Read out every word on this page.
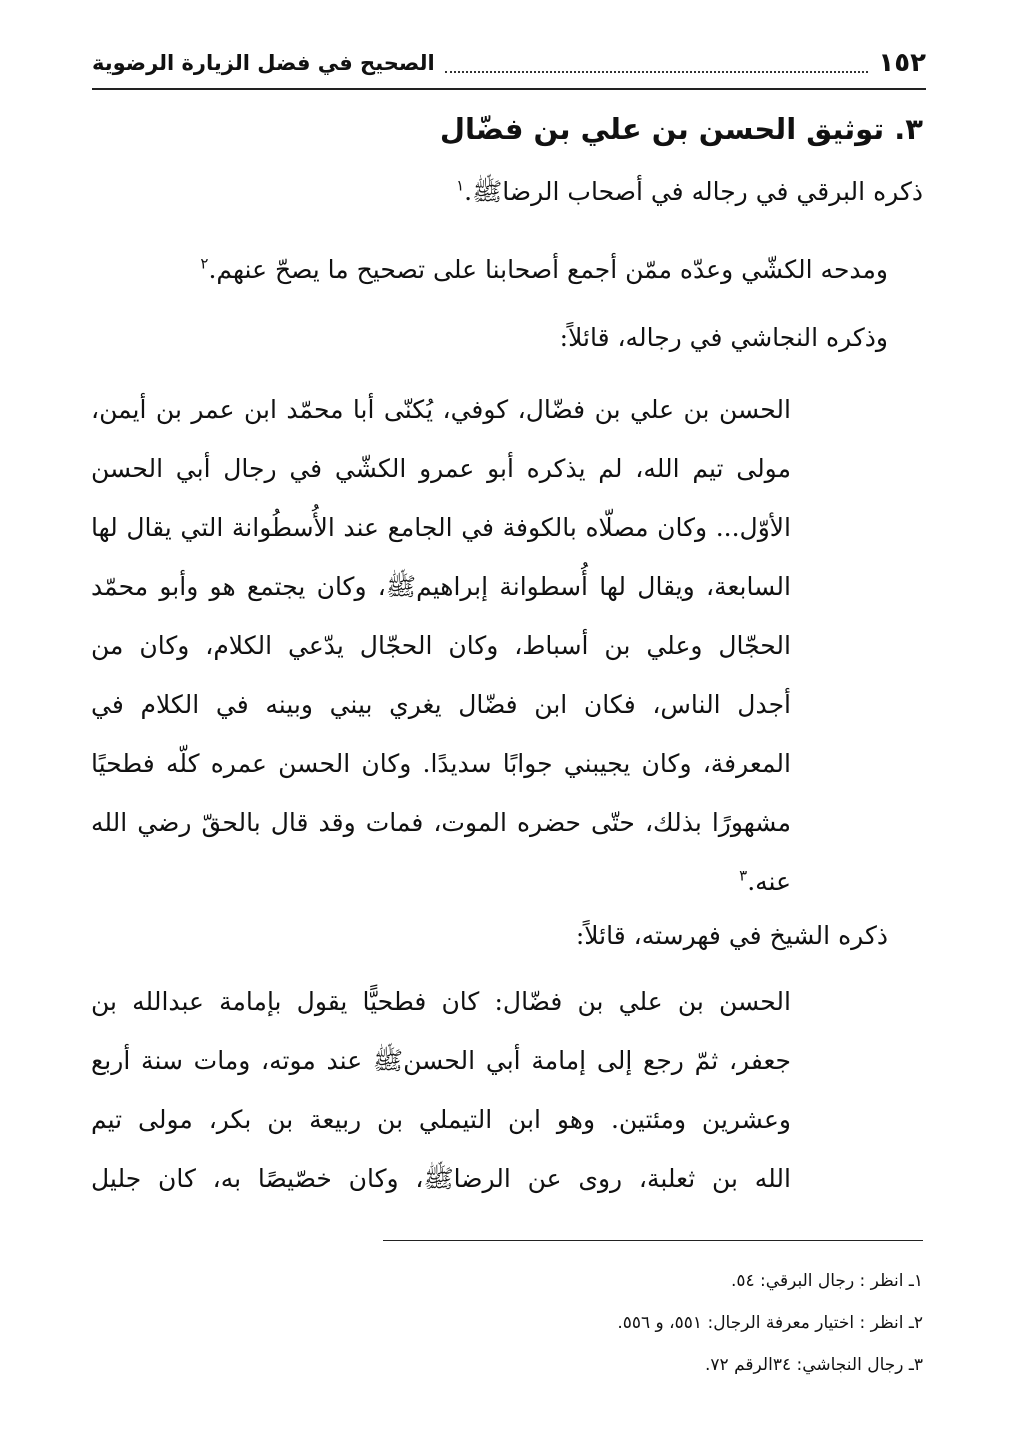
١٥٢
الصحيح في فضل الزيارة الرضوية
٣. توثيق الحسن بن علي بن فضّال
ذكره البرقي في رجاله في أصحاب الرضاﷺ.$^١$
ومدحه الكشّي وعدّه ممّن أجمع أصحابنا على تصحيح ما يصحّ عنهم.$^٢$
وذكره النجاشي في رجاله، قائلاً:
الحسن بن علي بن فضّال، كوفي، يُكنّى أبا محمّد ابن عمر بن أيمن،
مولى تيم الله، لم يذكره أبو عمرو الكشّي في رجال أبي الحسن
الأوّل... وكان مصلّاه بالكوفة في الجامع عند الأُسطُوانة التي يقال لها
السابعة، ويقال لها أُسطوانة إبراهيمﷺ، وكان يجتمع هو وأبو محمّد
الحجّال وعلي بن أسباط، وكان الحجّال يدّعي الكلام، وكان من
أجدل الناس، فكان ابن فضّال يغري بيني وبينه في الكلام في
المعرفة، وكان يجيبني جوابًا سديدًا. وكان الحسن عمره كلّه فطحيًا
مشهورًا بذلك، حتّى حضره الموت، فمات وقد قال بالحقّ رضي الله
عنه.$^٣$
ذكره الشيخ في فهرسته، قائلاً:
الحسن بن علي بن فضّال: كان فطحيًّا يقول بإمامة عبدالله بن
جعفر، ثمّ رجع إلى إمامة أبي الحسنﷺ عند موته، ومات سنة أربع
وعشرين ومئتين. وهو ابن التيملي بن ربيعة بن بكر، مولى تيم
الله بن ثعلبة، روى عن الرضاﷺ، وكان خصّيصًا به، كان جليل
١ـ انظر : رجال البرقي: ٥٤.
٢ـ انظر : اختيار معرفة الرجال: ٥٥١، و ٥٥٦.
٣ـ رجال النجاشي: ٣٤الرقم ٧٢.
